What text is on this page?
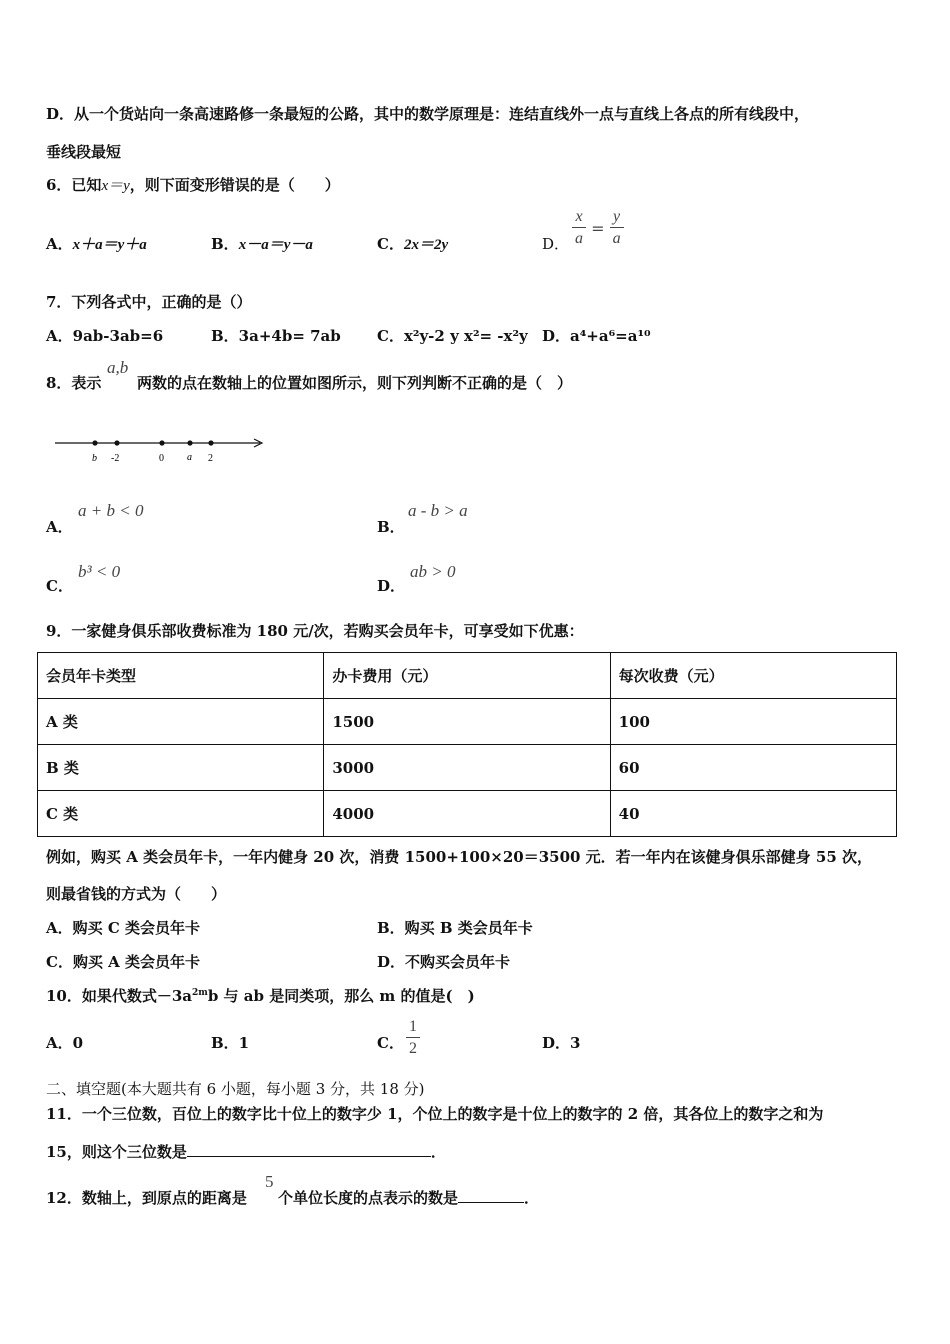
D．从一个货站向一条高速路修一条最短的公路，其中的数学原理是：连结直线外一点与直线上各点的所有线段中，
垂线段最短
6．已知x＝y，则下面变形错误的是（　　）
A．x＋a＝y＋a	B．x－a＝y－a	C．2x＝2y	D． $\frac{x}{a} = \frac{y}{a}$
7．下列各式中，正确的是（）
A．9ab-3ab=6	B．3a+4b= 7ab C．x²y-2 y x²= -x²y D．a⁴+a⁶=a¹⁰
8．表示
a,b
两数的点在数轴上的位置如图所示，则下列判断不正确的是（　）
b -2	0 a 2
A．
a + b < 0
B．
a - b > a
C．
b³ < 0
D．
ab > 0
9．一家健身俱乐部收费标准为 180 元/次，若购买会员年卡，可享受如下优惠：
会员年卡类型	办卡费用（元）	每次收费（元）
A 类	1500	100
B 类	3000	60
C 类	4000	40
例如，购买 A 类会员年卡，一年内健身 20 次，消费 1500+100×20＝3500 元．若一年内在该健身俱乐部健身 55 次，
则最省钱的方式为（　　）
A．购买 C 类会员年卡	B．购买 B 类会员年卡
C．购买 A 类会员年卡	D．不购买会员年卡
10．如果代数式$-3a^{2m}b$ 与 ab 是同类项，那么 m 的值是(　)
A．0	B．1	C． $\frac{1}{2}$	D．3
二、填空题(本大题共有 6 小题，每小题 3 分，共 18 分)
11．一个三位数，百位上的数字比十位上的数字少 1，个位上的数字是十位上的数字的 2 倍，其各位上的数字之和为
15，则这个三位数是	．
12．数轴上，到原点的距离是
5
个单位长度的点表示的数是	．
